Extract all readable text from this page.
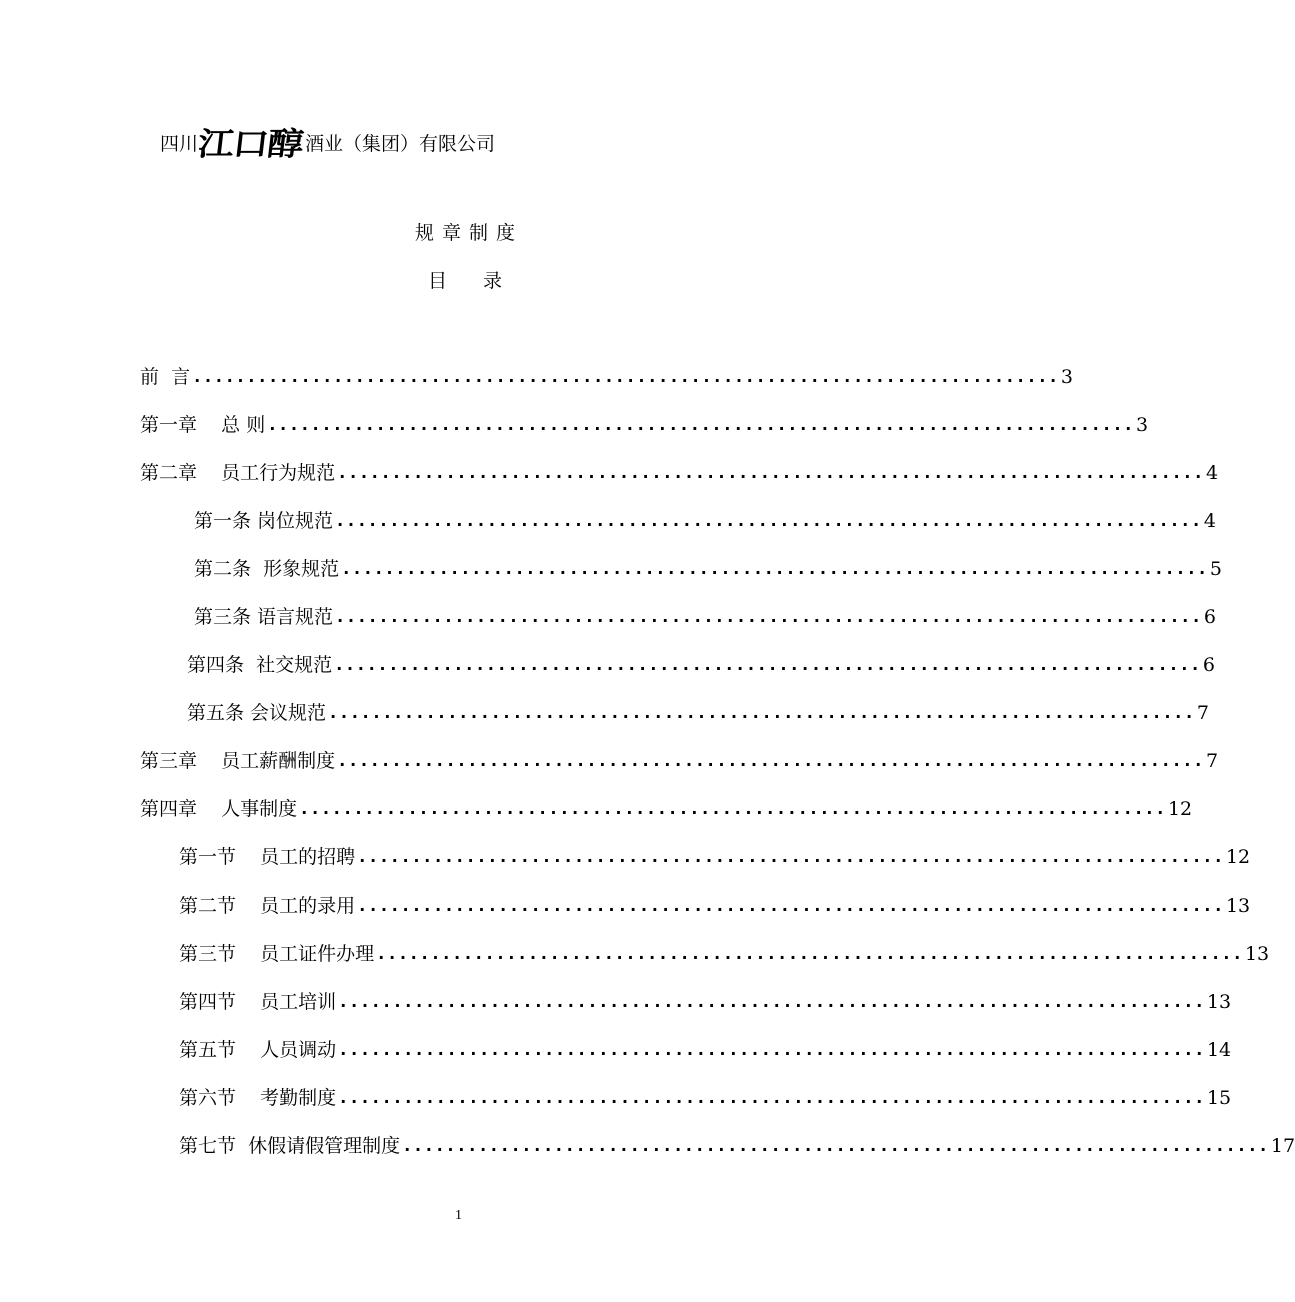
四川
江口醇 酒业（集团）有限公司
规章制度
目录
前  言 ................................................................................ 3
第一章    总 则 ................................................................................ 3
第二章    员工行为规范 ................................................................................ 4
第一条 岗位规范 ................................................................................ 4
第二条  形象规范 ................................................................................ 5
第三条 语言规范 ................................................................................ 6
第四条  社交规范 ................................................................................ 6
第五条 会议规范 ................................................................................ 7
第三章    员工薪酬制度 ................................................................................ 7
第四章    人事制度 ................................................................................ 12
第一节    员工的招聘 ................................................................................ 12
第二节    员工的录用 ................................................................................ 13
第三节    员工证件办理 ................................................................................ 13
第四节    员工培训 ................................................................................ 13
第五节    人员调动 ................................................................................ 14
第六节    考勤制度 ................................................................................ 15
第七节  休假请假管理制度 ................................................................................ 17
1
